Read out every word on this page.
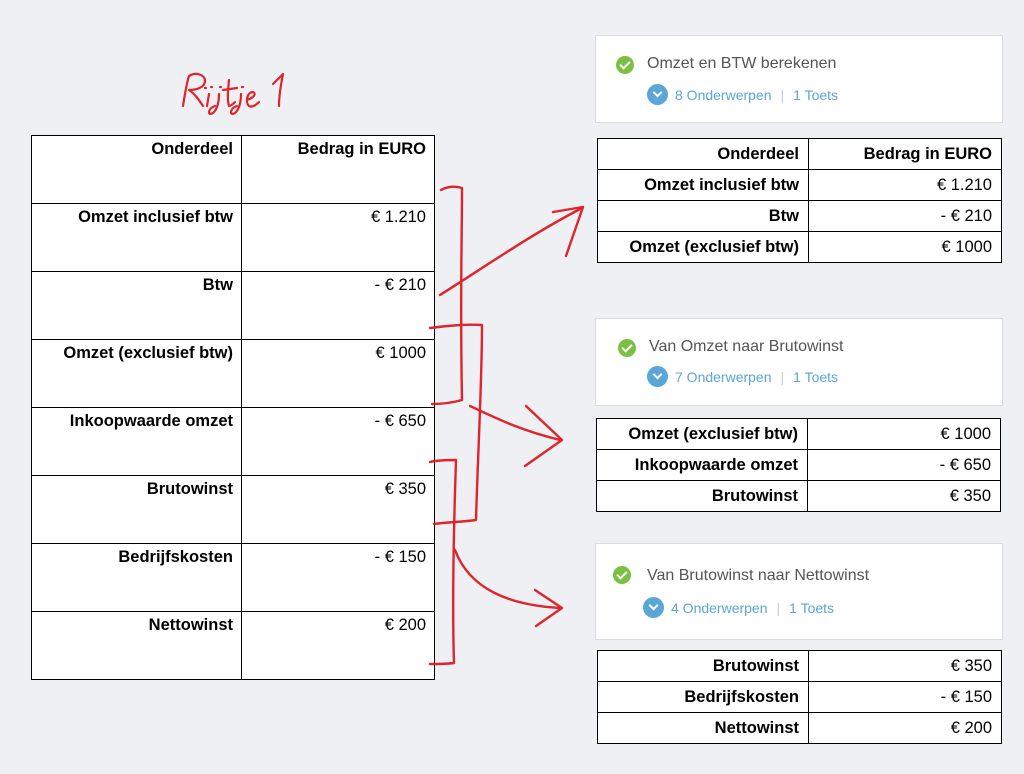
Onderdeel	Bedrag in EURO
Omzet inclusief btw	€ 1.210
Btw	- € 210
Omzet (exclusief btw)	€ 1000
Inkoopwaarde omzet	- € 650
Brutowinst	€ 350
Bedrijfskosten	- € 150
Nettowinst	€ 200
Omzet en BTW berekenen
8 Onderwerpen | 1 Toets
Onderdeel	Bedrag in EURO
Omzet inclusief btw	€ 1.210
Btw	- € 210
Omzet (exclusief btw)	€ 1000
Van Omzet naar Brutowinst
7 Onderwerpen | 1 Toets
Omzet (exclusief btw)	€ 1000
Inkoopwaarde omzet	- € 650
Brutowinst	€ 350
Van Brutowinst naar Nettowinst
4 Onderwerpen | 1 Toets
Brutowinst	€ 350
Bedrijfskosten	- € 150
Nettowinst	€ 200
